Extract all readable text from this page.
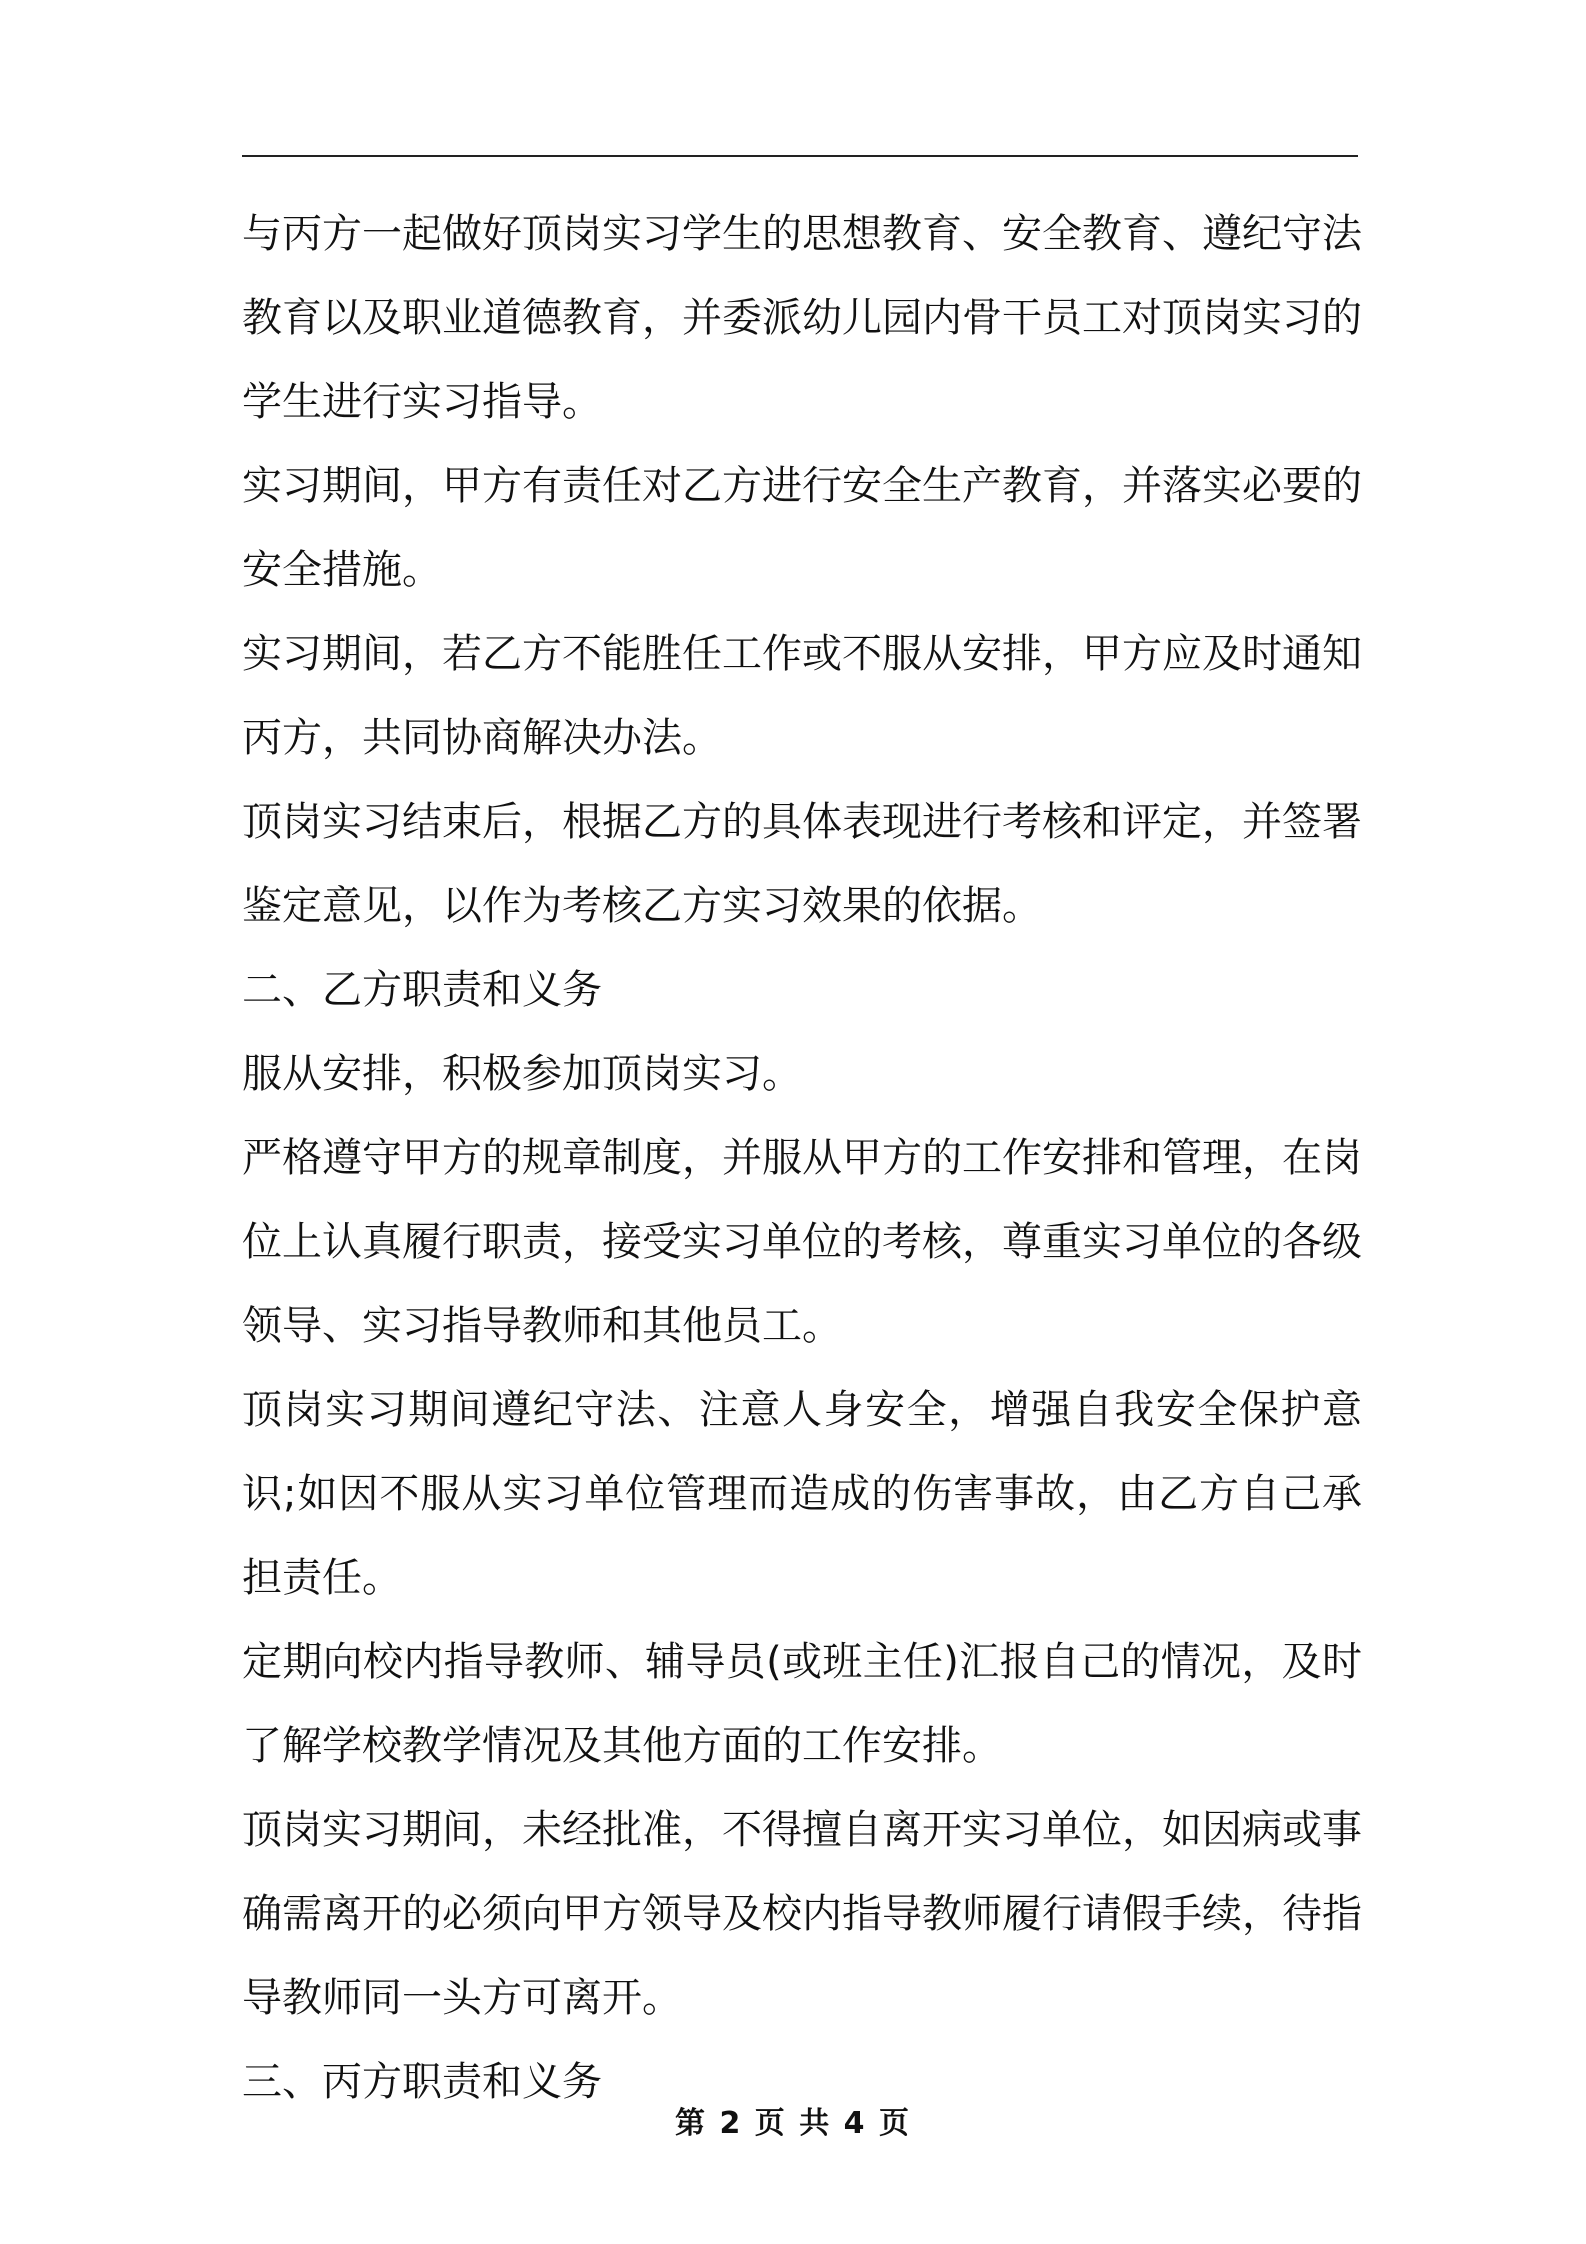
与丙方一起做好顶岗实习学生的思想教育、安全教育、遵纪守法教育以及职业道德教育，并委派幼儿园内骨干员工对顶岗实习的学生进行实习指导。

实习期间，甲方有责任对乙方进行安全生产教育，并落实必要的安全措施。

实习期间，若乙方不能胜任工作或不服从安排，甲方应及时通知丙方，共同协商解决办法。

顶岗实习结束后，根据乙方的具体表现进行考核和评定，并签署鉴定意见，以作为考核乙方实习效果的依据。

二、乙方职责和义务

服从安排，积极参加顶岗实习。

严格遵守甲方的规章制度，并服从甲方的工作安排和管理，在岗位上认真履行职责，接受实习单位的考核，尊重实习单位的各级领导、实习指导教师和其他员工。

顶岗实习期间遵纪守法、注意人身安全，增强自我安全保护意识;如因不服从实习单位管理而造成的伤害事故，由乙方自己承担责任。

定期向校内指导教师、辅导员(或班主任)汇报自己的情况，及时了解学校教学情况及其他方面的工作安排。

顶岗实习期间，未经批准，不得擅自离开实习单位，如因病或事确需离开的必须向甲方领导及校内指导教师履行请假手续，待指导教师同一头方可离开。

三、丙方职责和义务

第 2 页 共 4 页
